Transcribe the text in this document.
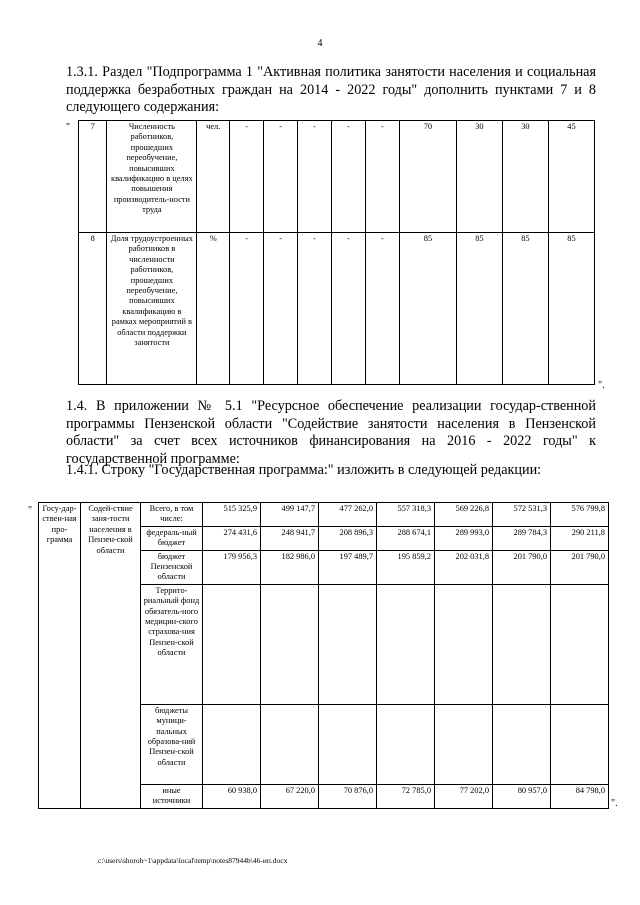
4
1.3.1. Раздел "Подпрограмма 1 "Активная политика занятости населения и социальная поддержка безработных граждан на 2014 - 2022 годы" дополнить пунктами 7 и 8 следующего содержания:
" 7	Численность работников, прошедших переобучение, повысивших квалификацию в целях повышения производитель-ности труда	чел.	-	-	-	-	-	70	30	30	45
8	Доля трудоустроенных работников в численности работников, прошедших переобучение, повысивших квалификацию в рамках мероприятий в области поддержки занятости	%	-	-	-	-	-	85	85	85	85
".
1.4. В приложении № 5.1 "Ресурсное обеспечение реализации государ-ственной программы Пензенской области "Содействие занятости населения в Пензенской области" за счет всех источников финансирования на 2016 - 2022 годы" к государственной программе:
1.4.1. Строку "Государственная программа:" изложить в следующей редакции:
" Госу-дар-ствен-ная про-грамма	Содей-ствие заня-тости населения в Пензен-ской области	Всего, в том числе:	515 325,9	499 147,7	477 262,0	557 318,3	569 226,8	572 531,3	576 799,8
		федераль-ный бюджет	274 431,6	248 941,7	208 896,3	288 674,1	289 993,0	289 784,3	290 211,8
		бюджет Пензенской области	179 956,3	182 986,0	197 489,7	195 859,2	202 031,8	201 790,0	201 790,0
		Террито-риальный фонд обязатель-ного медицин-ского страхова-ния Пензен-ской области							
		бюджеты муници-пальных образова-ний Пензен-ской области							
		иные источники	60 938,0	67 220,0	70 876,0	72 785,0	77 202,0	80 957,0	84 798,0
".
c:\users\shoroh~1\appdata\local\temp\notes87944b\46-ип.docx
